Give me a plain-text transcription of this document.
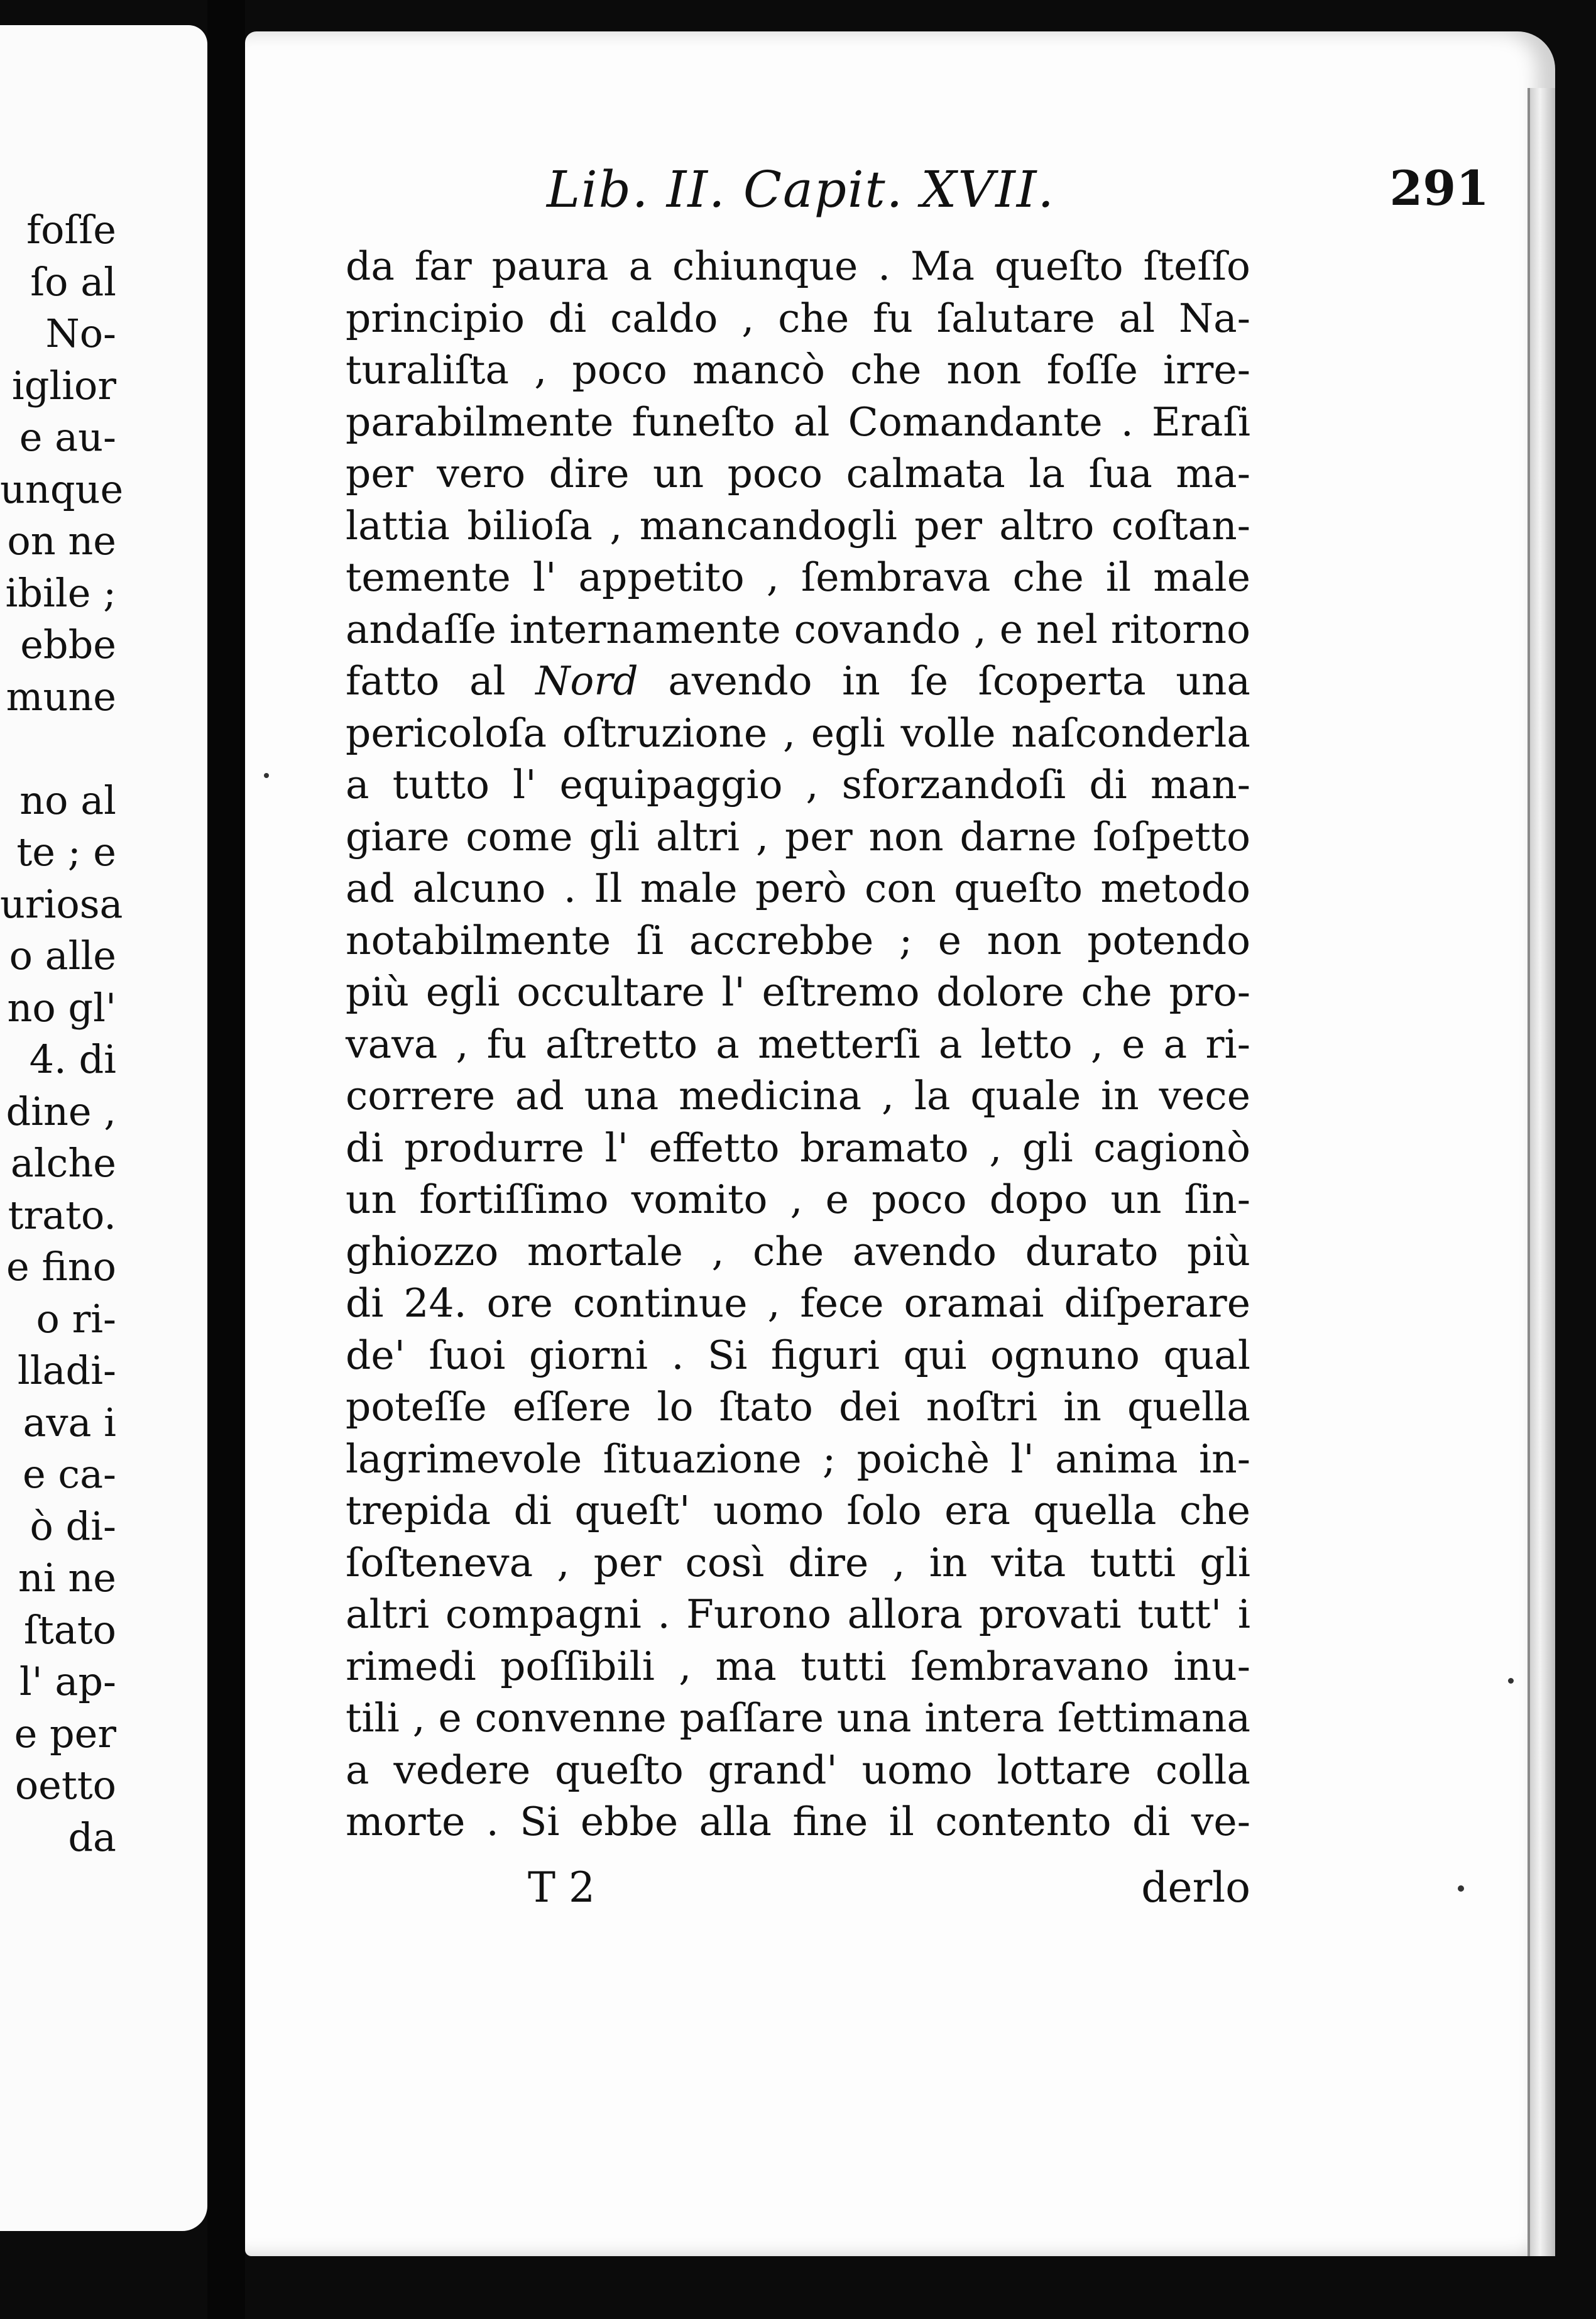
foſſe
ſo al
No-
iglior
e au-
unque
on ne
ibile ;
ebbe
mune
no al
te ; e
uriosa
o alle
no gl'
4. di
dine ,
alche
trato.
e fino
o ri-
lladi-
ava i
e ca-
ò di-
ni ne
ſtato
l' ap-
e per
oetto
da
Lib. II. Capit. XVII.	291
da far paura a chiunque . Ma queſto ſteſſo
principio di caldo , che fu ſalutare al Na-
turaliſta , poco mancò che non foſſe irre-
parabilmente funeſto al Comandante . Eraſi
per vero dire un poco calmata la ſua ma-
lattia bilioſa , mancandogli per altro coſtan-
temente l' appetito , ſembrava che il male
andaſſe internamente covando , e nel ritorno
fatto al Nord avendo in ſe ſcoperta una
pericoloſa oſtruzione , egli volle naſconderla
a tutto l' equipaggio , sforzandoſi di man-
giare come gli altri , per non darne ſoſpetto
ad alcuno . Il male però con queſto metodo
notabilmente ſi accrebbe ; e non potendo
più egli occultare l' eſtremo dolore che pro-
vava , fu aſtretto a metterſi a letto , e a ri-
correre ad una medicina , la quale in vece
di produrre l' effetto bramato , gli cagionò
un fortiſſimo vomito , e poco dopo un ſin-
ghiozzo mortale , che avendo durato più
di 24. ore continue , fece oramai diſperare
de' ſuoi giorni . Si figuri qui ognuno qual
poteſſe eſſere lo ſtato dei noſtri in quella
lagrimevole ſituazione ; poichè l' anima in-
trepida di queſt' uomo ſolo era quella che
ſoſteneva , per così dire , in vita tutti gli
altri compagni . Furono allora provati tutt' i
rimedi poſſibili , ma tutti ſembravano inu-
tili , e convenne paſſare una intera ſettimana
a vedere queſto grand' uomo lottare colla
morte . Si ebbe alla fine il contento di ve-
T 2	derlo
